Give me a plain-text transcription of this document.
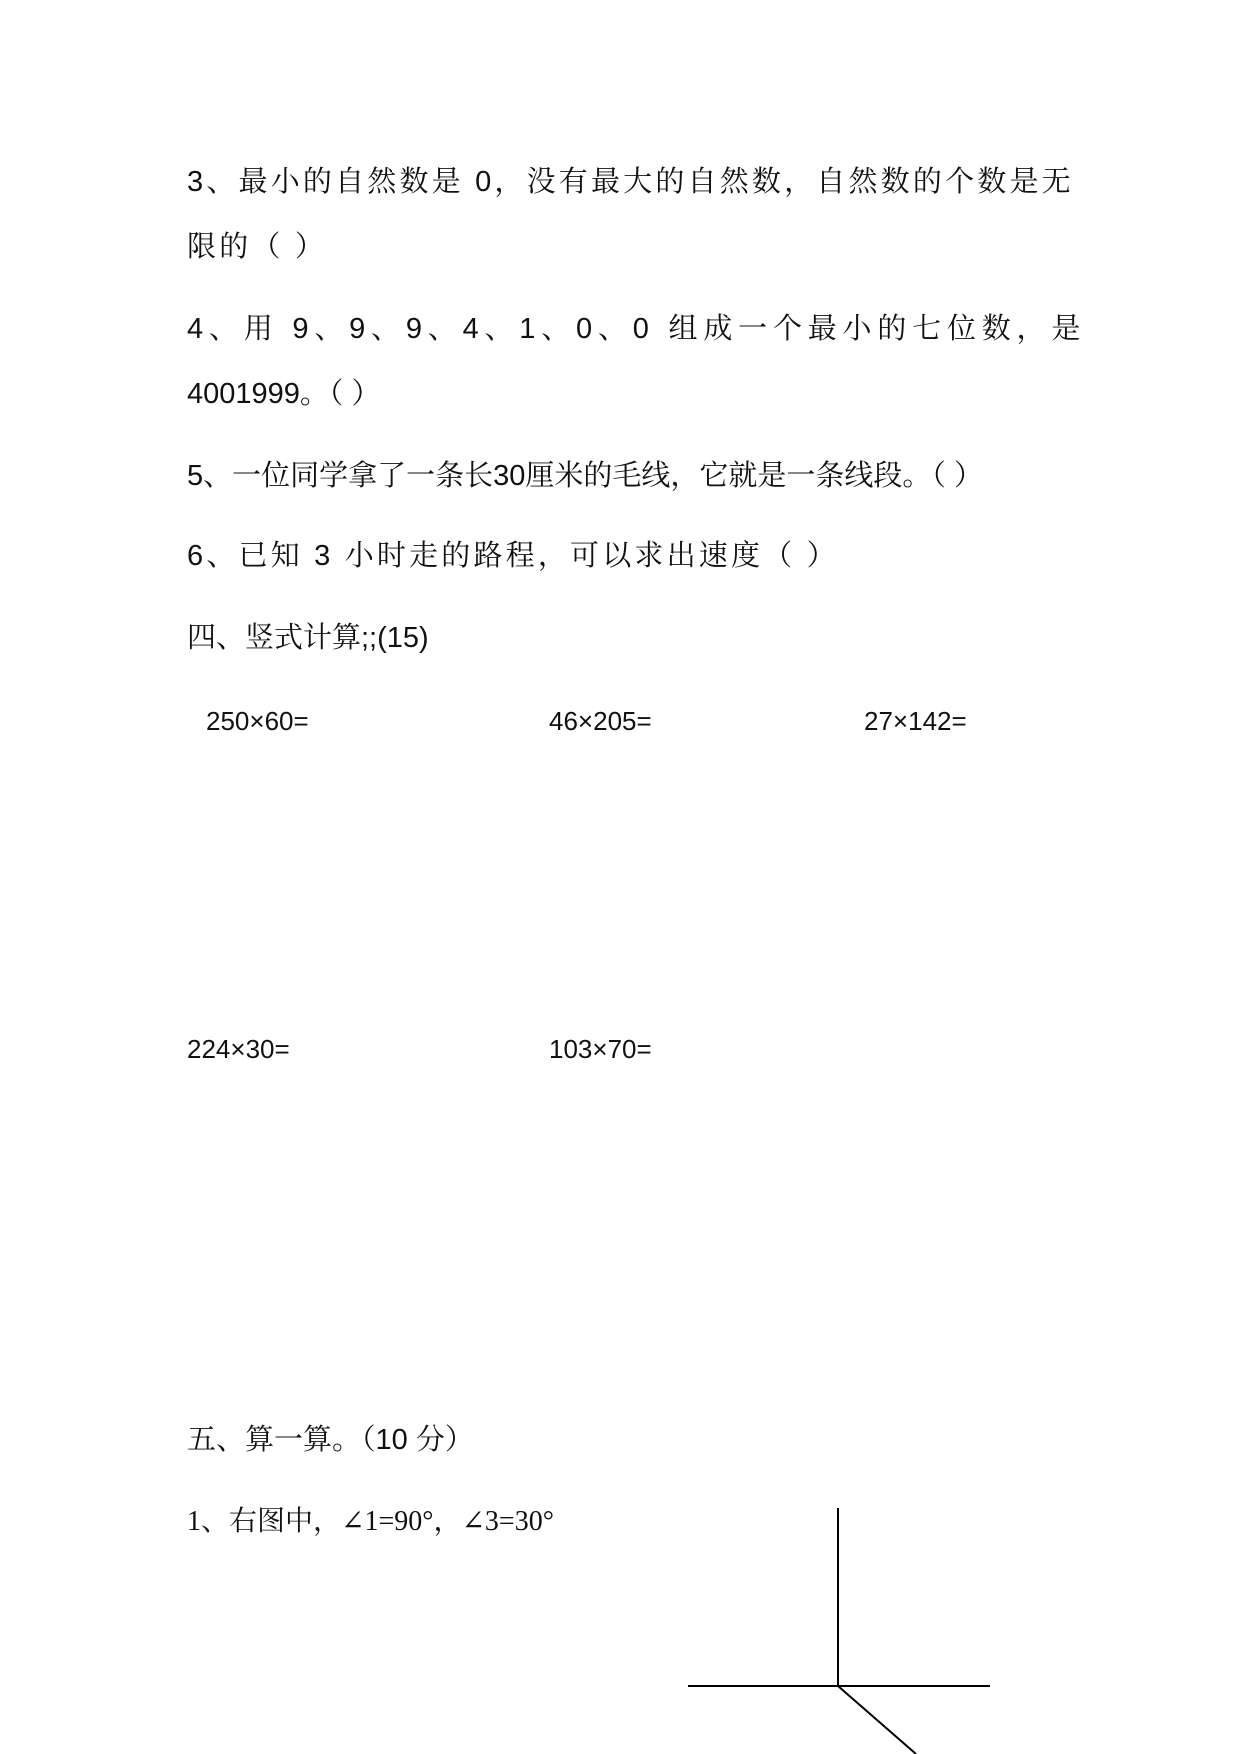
3、最小的自然数是 0，没有最大的自然数，自然数的个数是无
限的（ ）
4、用 9、9、9、4、1、0、0 组成一个最小的七位数，是
4001999。（ ）
5、一位同学拿了一条长30厘米的毛线，它就是一条线段。（ ）
6、已知 3 小时走的路程，可以求出速度（ ）
四、竖式计算;;(15)
250×60=	46×205=	27×142=
224×30=	103×70=
五、算一算。（10 分）
1、右图中，∠1=90°，∠3=30°
